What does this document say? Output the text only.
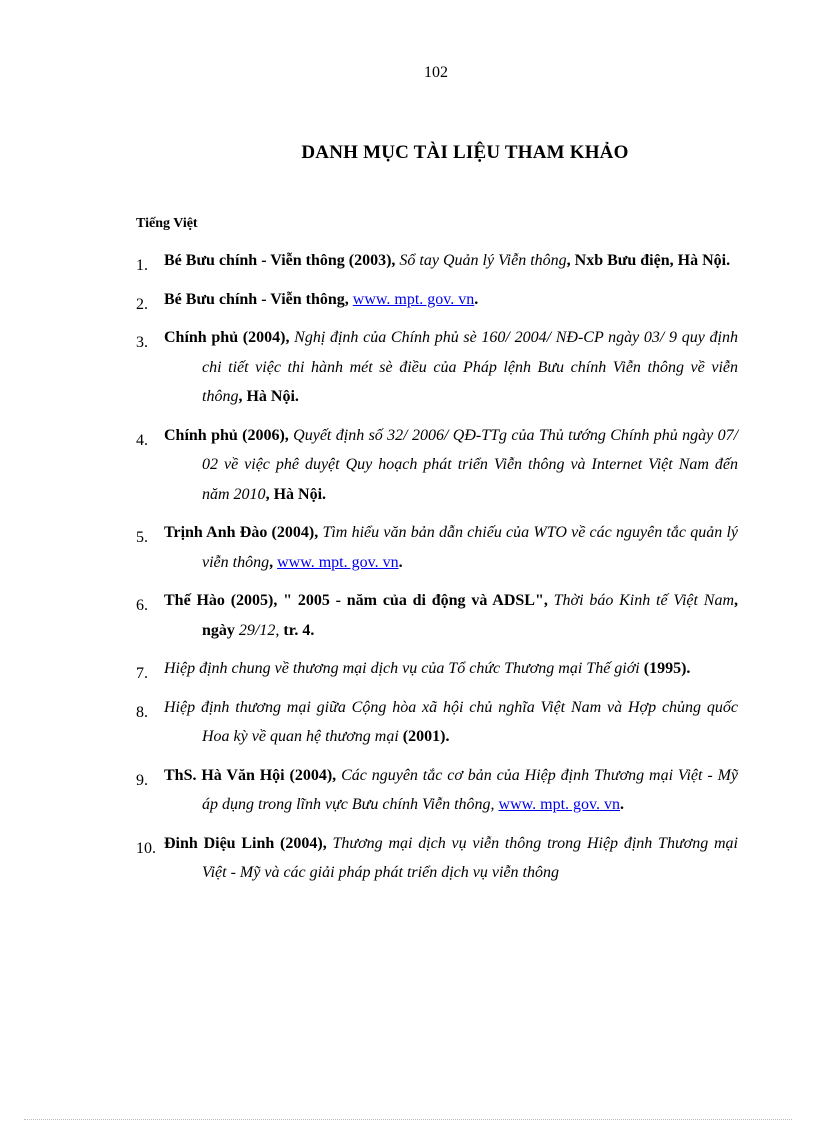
102
DANH MỤC TÀI LIỆU THAM KHẢO
Tiếng Việt
1. Bé Bưu chính - Viễn thông (2003), Sổ tay Quản lý Viễn thông, Nxb Bưu điện, Hà Nội.
2. Bé Bưu chính - Viễn thông, www. mpt. gov. vn.
3. Chính phủ (2004), Nghị định của Chính phủ sè 160/ 2004/ NĐ-CP ngày 03/ 9 quy định chi tiết việc thi hành mét sè điều của Pháp lệnh Bưu chính Viễn thông về viễn thông, Hà Nội.
4. Chính phủ (2006), Quyết định số 32/ 2006/ QĐ-TTg của Thủ tướng Chính phủ ngày 07/ 02 về việc phê duyệt Quy hoạch phát triển Viễn thông và Internet Việt Nam đến năm 2010, Hà Nội.
5. Trịnh Anh Đào (2004), Tìm hiểu văn bản dẫn chiếu của WTO về các nguyên tắc quản lý viễn thông, www. mpt. gov. vn.
6. Thế Hào (2005), " 2005 - năm của di động và ADSL", Thời báo Kinh tế Việt Nam, ngày 29/12, tr. 4.
7. Hiệp định chung về thương mại dịch vụ của Tổ chức Thương mại Thế giới (1995).
8. Hiệp định thương mại giữa Cộng hòa xã hội chủ nghĩa Việt Nam và Hợp chủng quốc Hoa kỳ về quan hệ thương mại (2001).
9. ThS. Hà Văn Hội (2004), Các nguyên tắc cơ bản của Hiệp định Thương mại Việt - Mỹ áp dụng trong lĩnh vực Bưu chính Viễn thông, www. mpt. gov. vn.
10. Đinh Diệu Linh (2004), Thương mại dịch vụ viễn thông trong Hiệp định Thương mại Việt - Mỹ và các giải pháp phát triển dịch vụ viễn thông
